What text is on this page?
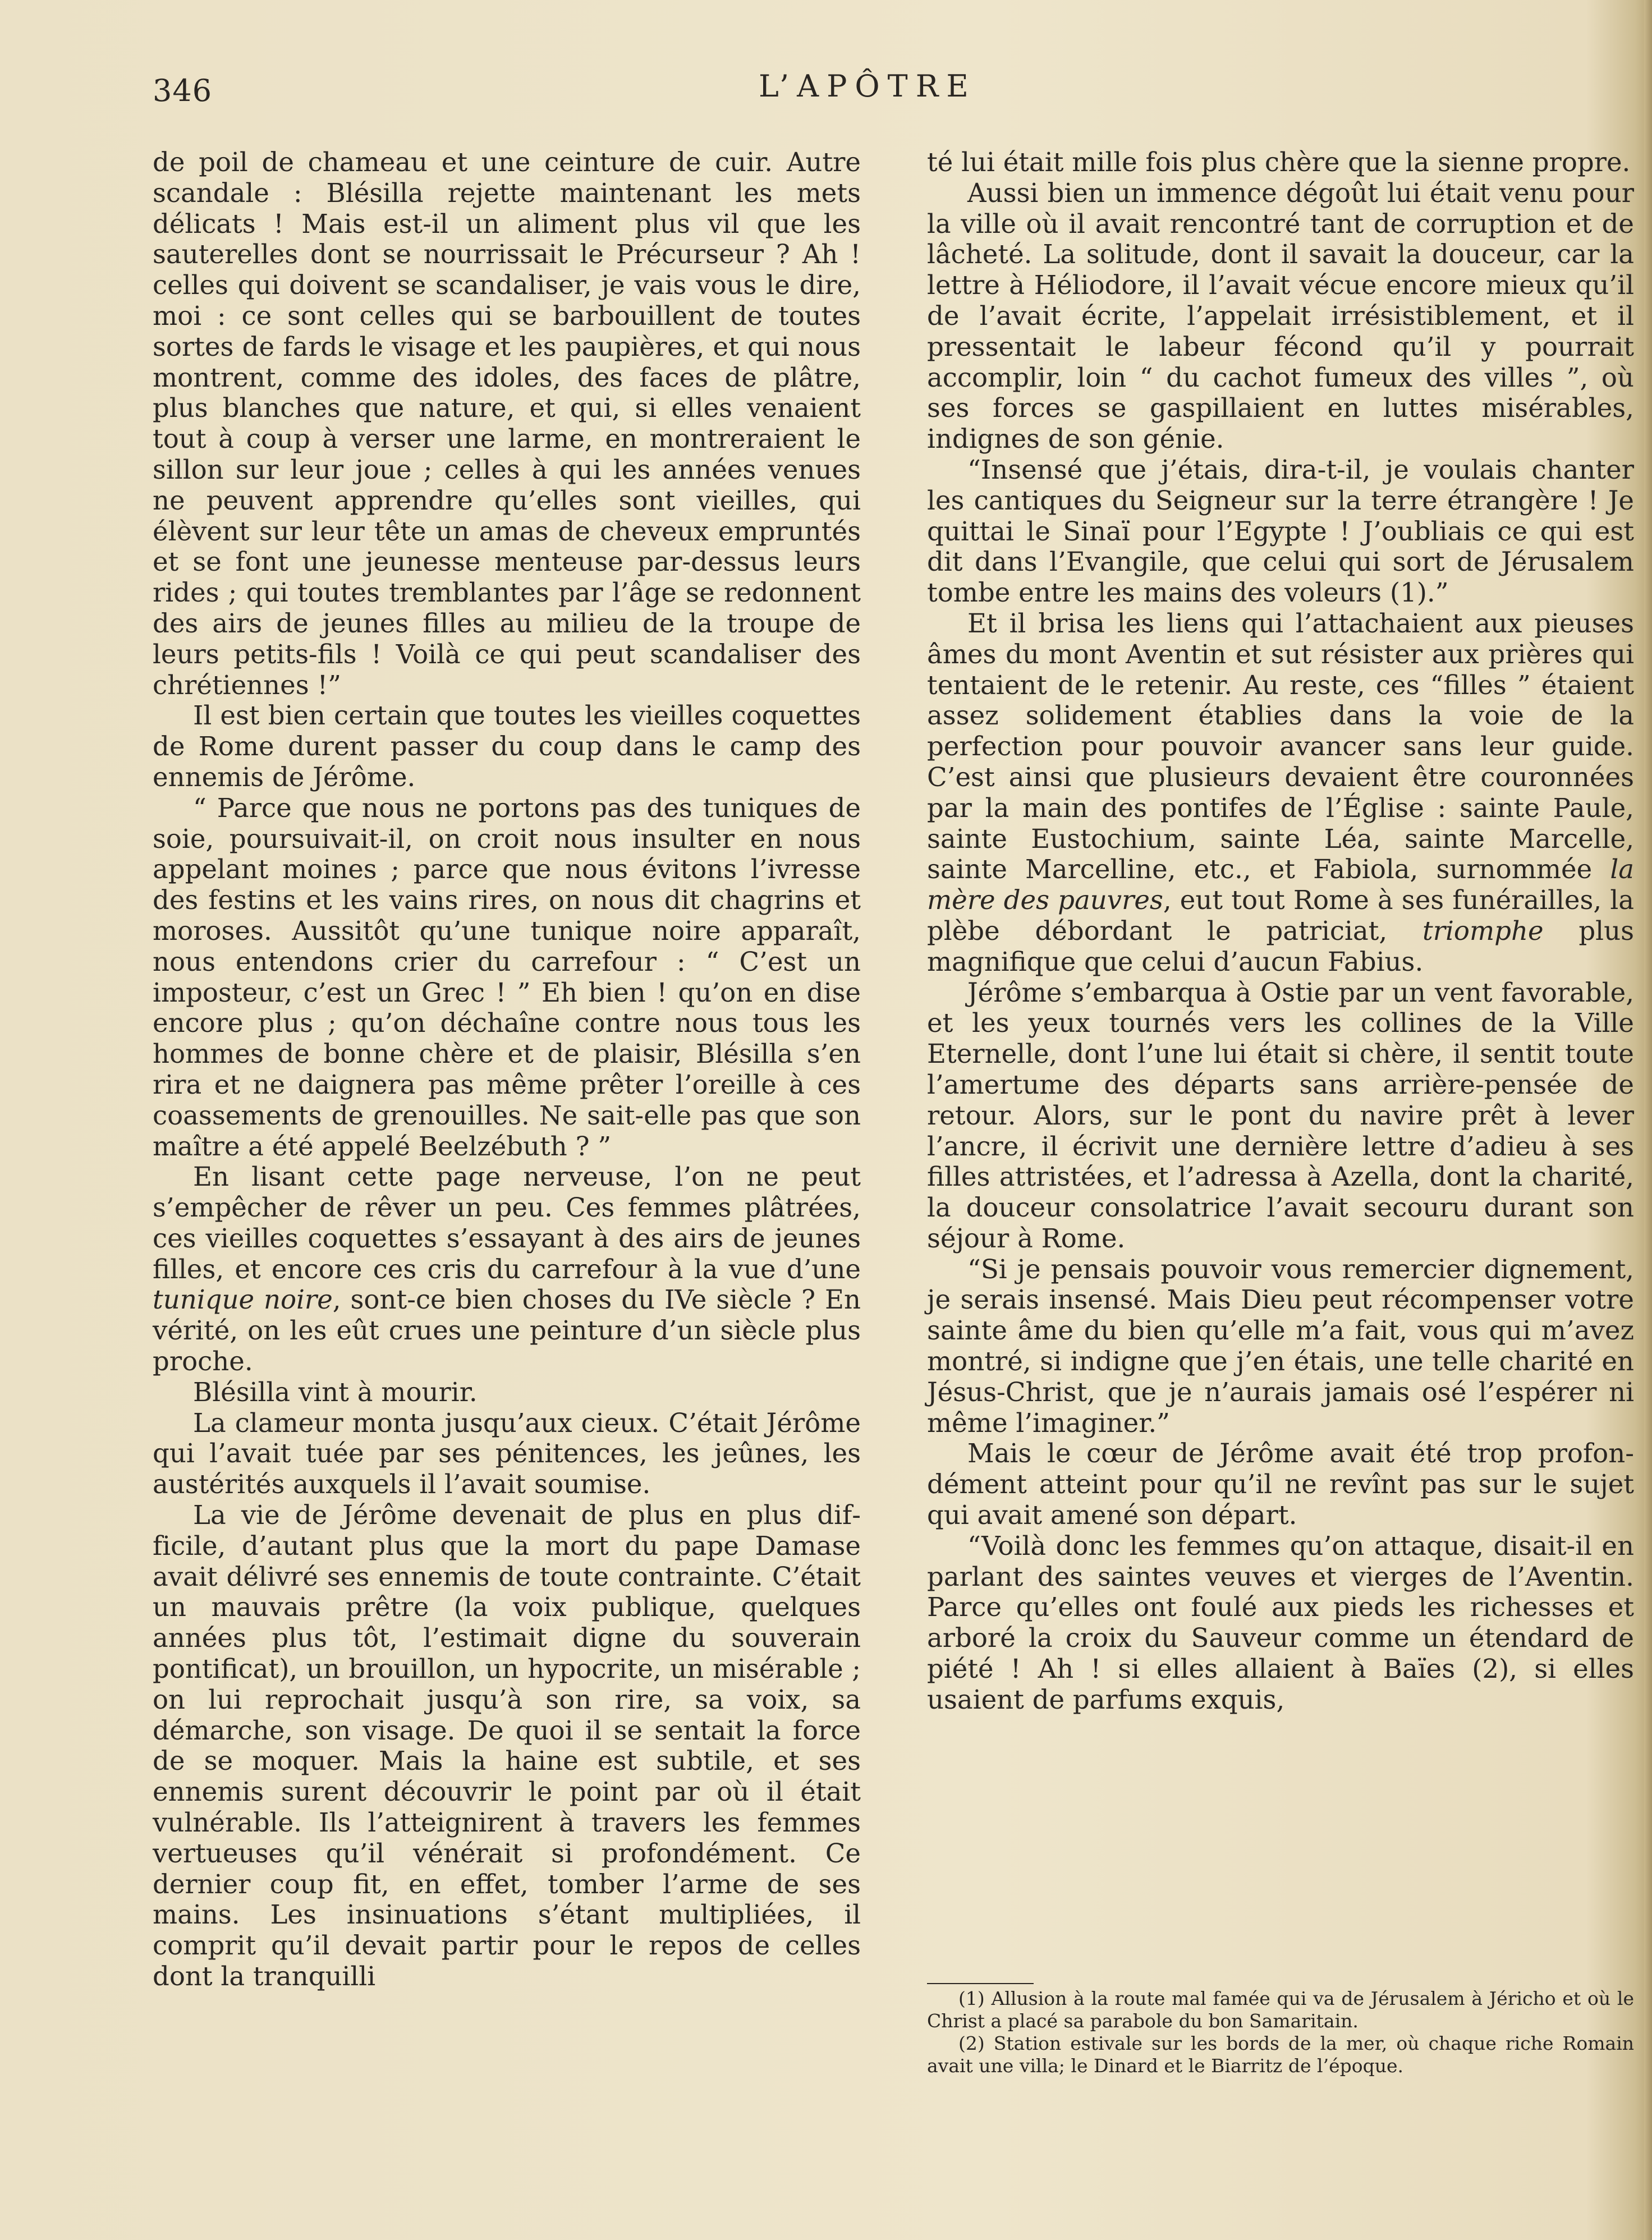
346	L’APÔTRE

de poil de chameau et une ceinture de cuir. Autre scandale : Blésilla rejette maintenant les mets délicats ! Mais est-il un aliment plus vil que les sauterelles dont se nourrissait le Précurseur ? Ah ! celles qui doivent se scandaliser, je vais vous le dire, moi : ce sont celles qui se barbouillent de toutes sortes de fards le visage et les paupières, et qui nous montrent, comme des idoles, des faces de plâtre, plus blanches que nature, et qui, si elles venaient tout à coup à verser une larme, en montreraient le sillon sur leur joue ; celles à qui les années venues ne peuvent apprendre qu’elles sont vieilles, qui élèvent sur leur tête un amas de cheveux empruntés et se font une jeunesse menteuse par-dessus leurs rides ; qui toutes tremblantes par l’âge se redonnent des airs de jeunes filles au milieu de la troupe de leurs petits-fils ! Voilà ce qui peut scandaliser des chrétiennes !”

Il est bien certain que toutes les vieilles coquettes de Rome durent passer du coup dans le camp des ennemis de Jérôme.

“ Parce que nous ne portons pas des tuniques de soie, poursuivait-il, on croit nous insulter en nous appelant moines ; parce que nous évitons l’ivresse des festins et les vains rires, on nous dit chagrins et moroses. Aussitôt qu’une tunique noire apparaît, nous entendons crier du carrefour : “ C’est un imposteur, c’est un Grec ! ” Eh bien ! qu’on en dise encore plus ; qu’on déchaîne contre nous tous les hommes de bonne chère et de plaisir, Blésilla s’en rira et ne daignera pas même prêter l’oreille à ces coassements de grenouilles. Ne sait-elle pas que son maître a été appelé Beelzébuth ? ”

En lisant cette page nerveuse, l’on ne peut s’empêcher de rêver un peu. Ces femmes plâtrées, ces vieilles coquettes s’essayant à des airs de jeunes filles, et encore ces cris du carrefour à la vue d’une tunique noire, sont-ce bien choses du IVe siècle ? En vérité, on les eût crues une peinture d’un siècle plus proche.

Blésilla vint à mourir.

La clameur monta jusqu’aux cieux. C’était Jérôme qui l’avait tuée par ses pénitences, les jeûnes, les austérités auxquels il l’avait soumise.

La vie de Jérôme devenait de plus en plus difficile, d’autant plus que la mort du pape Damase avait délivré ses ennemis de toute contrainte. C’était un mauvais prêtre (la voix publique, quelques années plus tôt, l’estimait digne du souverain pontificat), un brouillon, un hypocrite, un misérable ; on lui reprochait jusqu’à son rire, sa voix, sa démarche, son visage. De quoi il se sentait la force de se moquer. Mais la haine est subtile, et ses ennemis surent découvrir le point par où il était vulnérable. Ils l’atteignirent à travers les femmes vertueuses qu’il vénérait si profondément. Ce dernier coup fit, en effet, tomber l’arme de ses mains. Les insinuations s’étant multipliées, il comprit qu’il devait partir pour le repos de celles dont la tranquilli

té lui était mille fois plus chère que la sienne propre.

Aussi bien un immence dégoût lui était venu pour la ville où il avait rencontré tant de corruption et de lâcheté. La solitude, dont il savait la douceur, car la lettre à Héliodore, il l’avait vécue encore mieux qu’il de l’avait écrite, l’appelait irrésistiblement, et il pressentait le labeur fécond qu’il y pourrait accomplir, loin “ du cachot fumeux des villes ”, où ses forces se gaspillaient en luttes misérables, indignes de son génie.

“Insensé que j’étais, dira-t-il, je voulais chanter les cantiques du Seigneur sur la terre étrangère ! Je quittai le Sinaï pour l’Egypte ! J’oubliais ce qui est dit dans l’Evangile, que celui qui sort de Jérusalem tombe entre les mains des voleurs (1).”

Et il brisa les liens qui l’attachaient aux pieuses âmes du mont Aventin et sut résister aux prières qui tentaient de le retenir. Au reste, ces “filles ” étaient assez solidement établies dans la voie de la perfection pour pouvoir avancer sans leur guide. C’est ainsi que plusieurs devaient être couronnées par la main des pontifes de l’Église : sainte Paule, sainte Eustochium, sainte Léa, sainte Marcelle, sainte Marcelline, etc., et Fabiola, surnommée la mère des pauvres, eut tout Rome à ses funérailles, la plèbe débordant le patriciat, triomphe plus magnifique que celui d’aucun Fabius.

Jérôme s’embarqua à Ostie par un vent favorable, et les yeux tournés vers les collines de la Ville Eternelle, dont l’une lui était si chère, il sentit toute l’amertume des départs sans arrière-pensée de retour. Alors, sur le pont du navire prêt à lever l’ancre, il écrivit une dernière lettre d’adieu à ses filles attristées, et l’adressa à Azella, dont la charité, la douceur consolatrice l’avait secouru durant son séjour à Rome.

“Si je pensais pouvoir vous remercier dignement, je serais insensé. Mais Dieu peut récompenser votre sainte âme du bien qu’elle m’a fait, vous qui m’avez montré, si indigne que j’en étais, une telle charité en Jésus-Christ, que je n’aurais jamais osé l’espérer ni même l’imaginer.”

Mais le cœur de Jérôme avait été trop profondément atteint pour qu’il ne revînt pas sur le sujet qui avait amené son départ.

“Voilà donc les femmes qu’on attaque, disait-il en parlant des saintes veuves et vierges de l’Aventin. Parce qu’elles ont foulé aux pieds les richesses et arboré la croix du Sauveur comme un étendard de piété ! Ah ! si elles allaient à Baïes (2), si elles usaient de parfums exquis,

(1) Allusion à la route mal famée qui va de Jérusalem à Jéricho et où le Christ a placé sa parabole du bon Samaritain.

(2) Station estivale sur les bords de la mer, où chaque riche Romain avait une villa; le Dinard et le Biarritz de l’époque.
